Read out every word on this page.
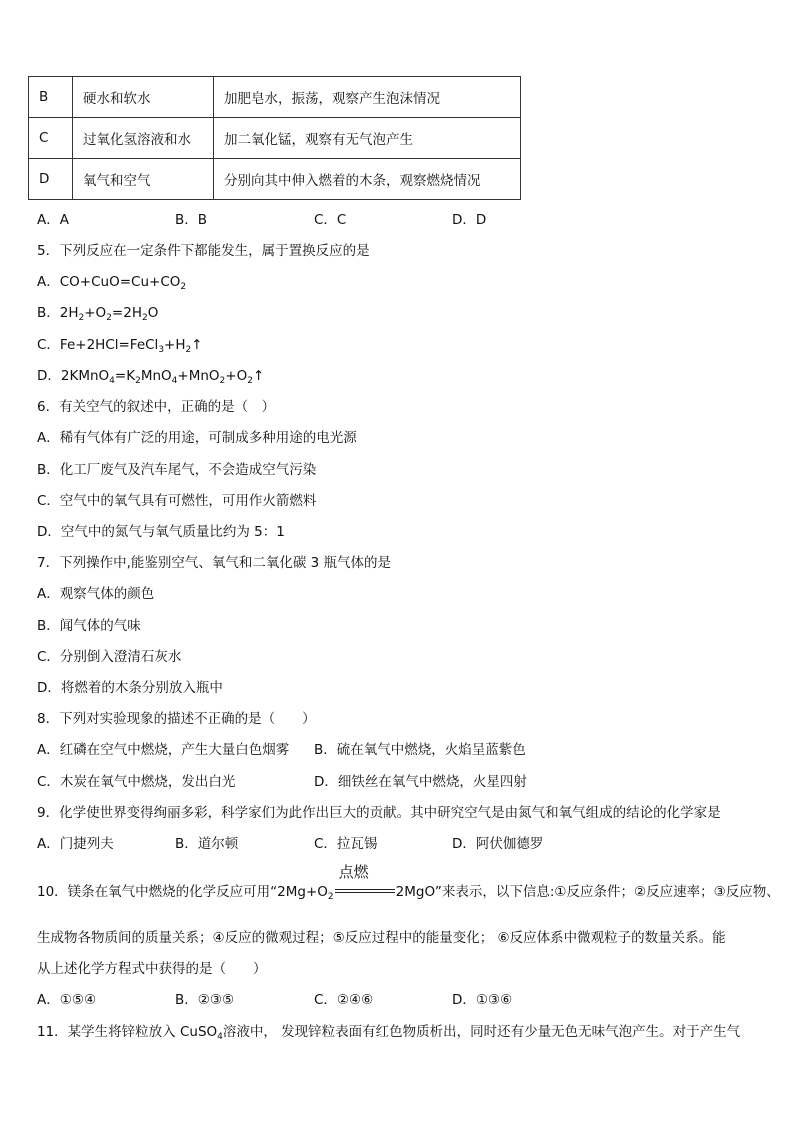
B	硬水和软水	加肥皂水，振荡，观察产生泡沫情况
C	过氧化氢溶液和水	加二氧化锰，观察有无气泡产生
D	氧气和空气	分别向其中伸入燃着的木条，观察燃烧情况
A．A	B．B	C．C	D．D
5．下列反应在一定条件下都能发生，属于置换反应的是
A．$CO+CuO=Cu+CO_2$
B．$2H_2+O_2=2H_2O$
C．$Fe+2HCl=FeCl_3+H_2↑$
D．$2KMnO_4=K_2MnO_4+MnO_2+O_2↑$
6．有关空气的叙述中，正确的是（　）
A．稀有气体有广泛的用途，可制成多种用途的电光源
B．化工厂废气及汽车尾气，不会造成空气污染
C．空气中的氧气具有可燃性，可用作火箭燃料
D．空气中的氮气与氧气质量比约为 5：1
7．下列操作中,能鉴别空气、氧气和二氧化碳 3 瓶气体的是
A．观察气体的颜色
B．闻气体的气味
C．分别倒入澄清石灰水
D．将燃着的木条分别放入瓶中
8．下列对实验现象的描述不正确的是（　　）
A．红磷在空气中燃烧，产生大量白色烟雾 B．硫在氧气中燃烧，火焰呈蓝紫色
C．木炭在氧气中燃烧，发出白光	D．细铁丝在氧气中燃烧，火星四射
9．化学使世界变得绚丽多彩，科学家们为此作出巨大的贡献。其中研究空气是由氮气和氧气组成的结论的化学家是
A．门捷列夫	B．道尔顿	C．拉瓦锡	D．阿伏伽德罗
10．镁条在氧气中燃烧的化学反应可用“$2Mg+O_2$
点燃
2MgO”来表示，以下信息:①反应条件；②反应速率；③反应物、
生成物各物质间的质量关系；④反应的微观过程；⑤反应过程中的能量变化； ⑥反应体系中微观粒子的数量关系。能
从上述化学方程式中获得的是（　　）
A．①⑤④	B．②③⑤	C．②④⑥	D．①③⑥
11．某学生将锌粒放入 CuSO$_4$溶液中， 发现锌粒表面有红色物质析出，同时还有少量无色无味气泡产生。对于产生气
